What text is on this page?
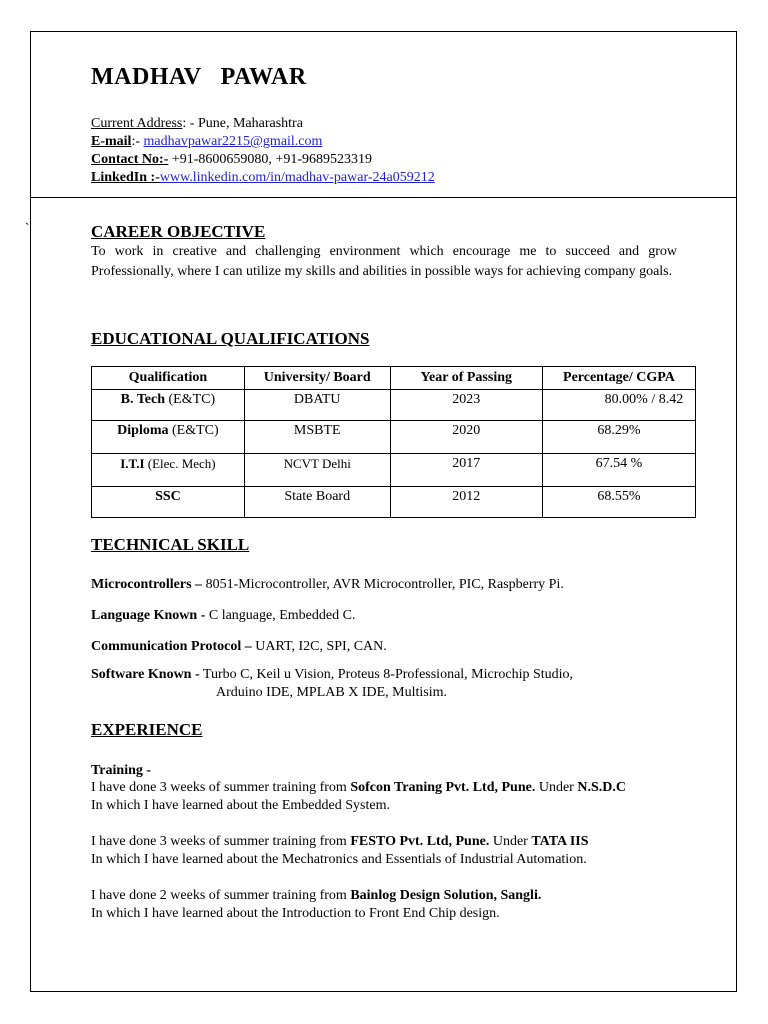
`
MADHAV   PAWAR
Current Address: - Pune, Maharashtra
E-mail:- madhavpawar2215@gmail.com
Contact No:- +91-8600659080, +91-9689523319
LinkedIn :-www.linkedin.com/in/madhav-pawar-24a059212
CAREER OBJECTIVE
To work in creative and challenging environment which encourage me to succeed and grow Professionally, where I can utilize my skills and abilities in possible ways for achieving company goals.
EDUCATIONAL QUALIFICATIONS
Qualification	University/ Board	Year of Passing	Percentage/ CGPA

B. Tech (E&TC)	DBATU	2023	80.00% / 8.42

Diploma (E&TC)	MSBTE	2020	68.29%

I.T.I (Elec. Mech)	NCVT Delhi	2017	67.54 %

SSC	State Board	2012	68.55%
TECHNICAL SKILL
Microcontrollers – 8051-Microcontroller, AVR Microcontroller, PIC, Raspberry Pi.
Language Known - C language, Embedded C.
Communication Protocol – UART, I2C, SPI, CAN.
Software Known - Turbo C, Keil u Vision, Proteus 8-Professional, Microchip Studio,
Arduino IDE, MPLAB X IDE, Multisim.
EXPERIENCE
Training -
I have done 3 weeks of summer training from Sofcon Traning Pvt. Ltd, Pune. Under N.S.D.C
In which I have learned about the Embedded System.
I have done 3 weeks of summer training from FESTO Pvt. Ltd, Pune. Under TATA IIS
In which I have learned about the Mechatronics and Essentials of Industrial Automation.
I have done 2 weeks of summer training from Bainlog Design Solution, Sangli.
In which I have learned about the Introduction to Front End Chip design.
